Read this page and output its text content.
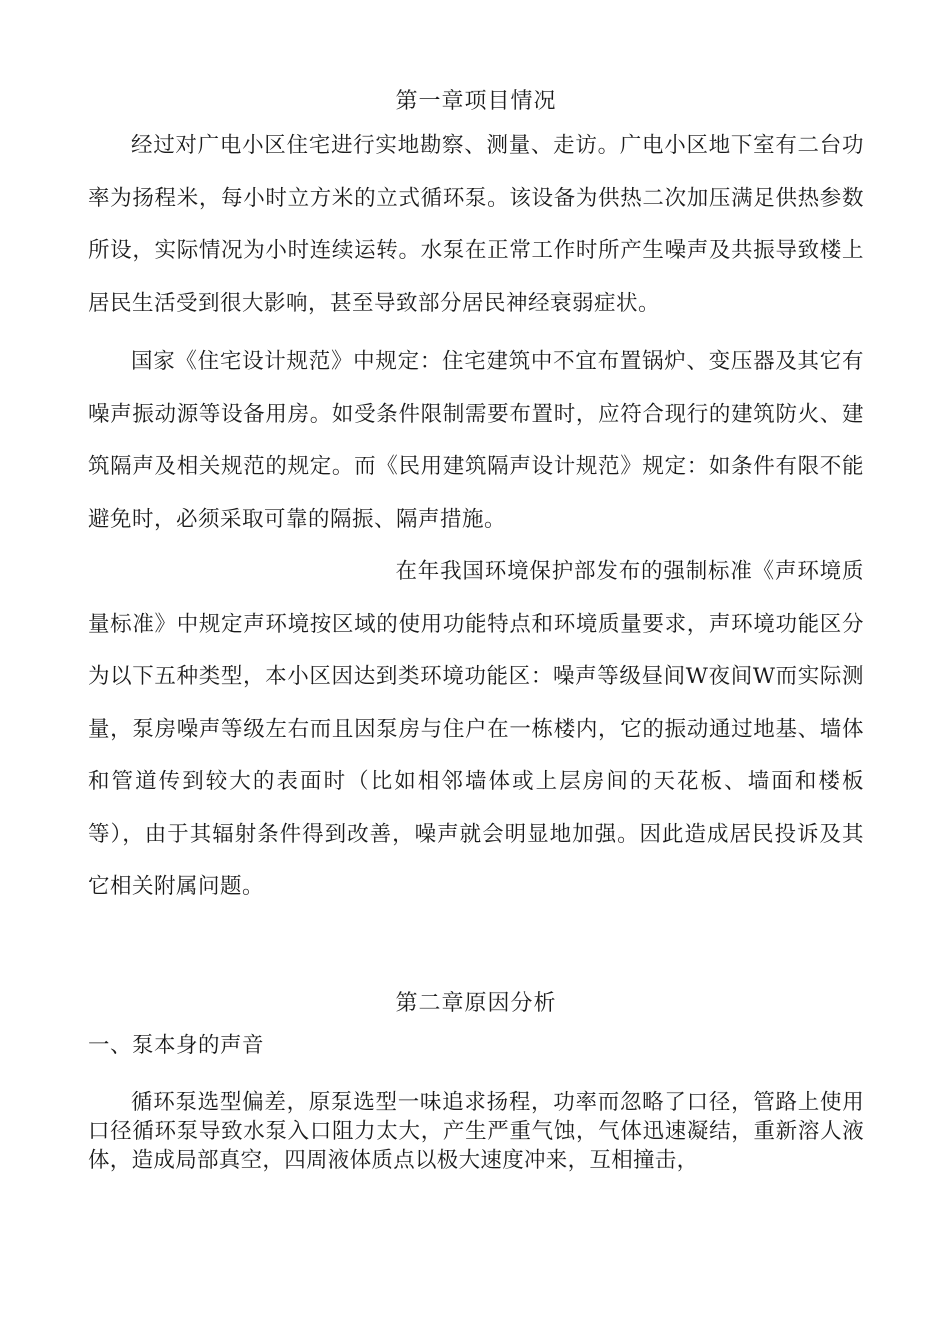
第一章项目情况

经过对广电小区住宅进行实地勘察、测量、走访。广电小区地下室有二台功率为扬程米，每小时立方米的立式循环泵。该设备为供热二次加压满足供热参数所设，实际情况为小时连续运转。水泵在正常工作时所产生噪声及共振导致楼上居民生活受到很大影响，甚至导致部分居民神经衰弱症状。

国家《住宅设计规范》中规定：住宅建筑中不宜布置锅炉、变压器及其它有噪声振动源等设备用房。如受条件限制需要布置时，应符合现行的建筑防火、建筑隔声及相关规范的规定。而《民用建筑隔声设计规范》规定：如条件有限不能避免时，必须采取可靠的隔振、隔声措施。

在年我国环境保护部发布的强制标准《声环境质量标准》中规定声环境按区域的使用功能特点和环境质量要求，声环境功能区分为以下五种类型，本小区因达到类环境功能区：噪声等级昼间W夜间W而实际测量，泵房噪声等级左右而且因泵房与住户在一栋楼内，它的振动通过地基、墙体和管道传到较大的表面时（比如相邻墙体或上层房间的天花板、墙面和楼板等），由于其辐射条件得到改善，噪声就会明显地加强。因此造成居民投诉及其它相关附属问题。

第二章原因分析
一、泵本身的声音

循环泵选型偏差，原泵选型一味追求扬程，功率而忽略了口径，管路上使用口径循环泵导致水泵入口阻力太大，产生严重气蚀，气体迅速凝结，重新溶人液体，造成局部真空，四周液体质点以极大速度冲来，互相撞击，
